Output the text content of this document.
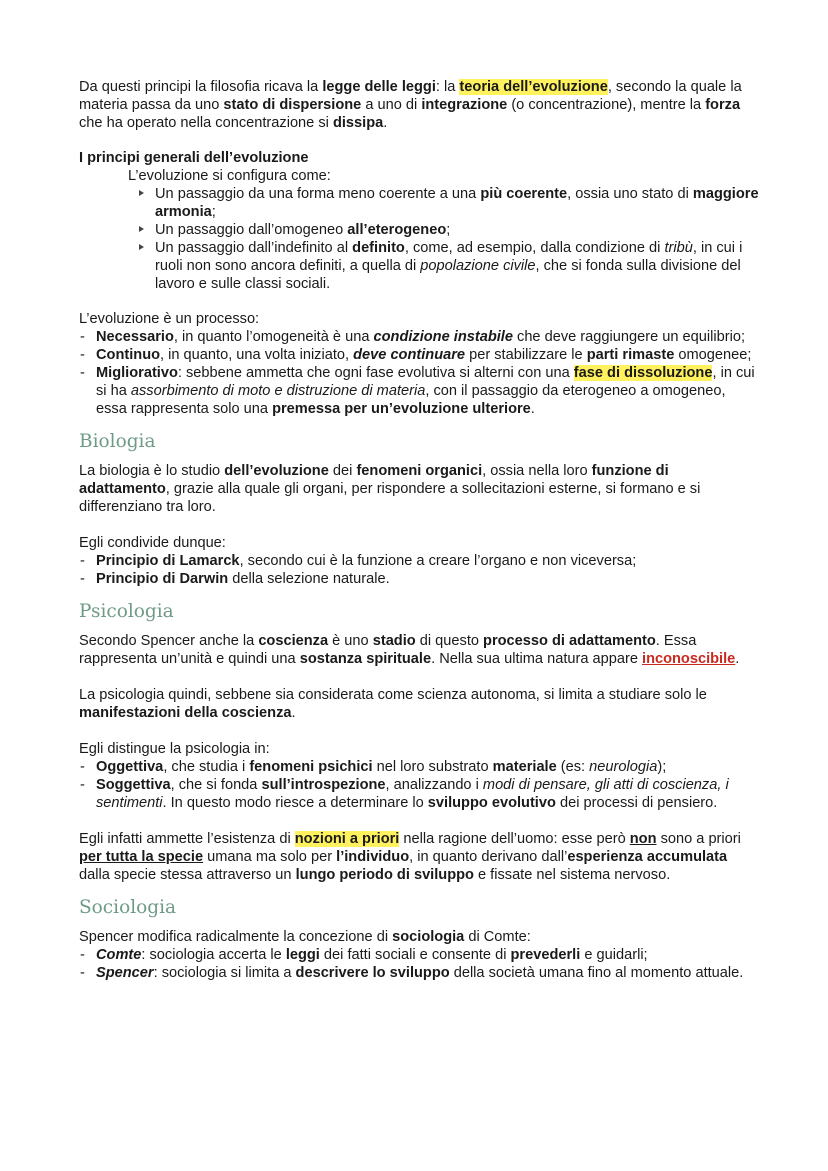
Da questi principi la filosofia ricava la legge delle leggi: la teoria dell’evoluzione, secondo la quale la materia passa da uno stato di dispersione a uno di integrazione (o concentrazione), mentre la forza che ha operato nella concentrazione si dissipa.

I principi generali dell’evoluzione

L’evoluzione si configura come:

Un passaggio da una forma meno coerente a una più coerente, ossia uno stato di maggiore armonia;
Un passaggio dall’omogeneo all’eterogeneo;
Un passaggio dall’indefinito al definito, come, ad esempio, dalla condizione di tribù, in cui i ruoli non sono ancora definiti, a quella di popolazione civile, che si fonda sulla divisione del lavoro e sulle classi sociali.

L’evoluzione è un processo:

- Necessario, in quanto l’omogeneità è una condizione instabile che deve raggiungere un equilibrio;
- Continuo, in quanto, una volta iniziato, deve continuare per stabilizzare le parti rimaste omogenee;
- Migliorativo: sebbene ammetta che ogni fase evolutiva si alterni con una fase di dissoluzione, in cui si ha assorbimento di moto e distruzione di materia, con il passaggio da eterogeneo a omogeneo, essa rappresenta solo una premessa per un’evoluzione ulteriore.
Biologia

La biologia è lo studio dell’evoluzione dei fenomeni organici, ossia nella loro funzione di adattamento, grazie alla quale gli organi, per rispondere a sollecitazioni esterne, si formano e si differenziano tra loro.

Egli condivide dunque:

- Principio di Lamarck, secondo cui è la funzione a creare l’organo e non viceversa;
- Principio di Darwin della selezione naturale.
Psicologia

Secondo Spencer anche la coscienza è uno stadio di questo processo di adattamento. Essa rappresenta un’unità e quindi una sostanza spirituale. Nella sua ultima natura appare inconoscibile.

La psicologia quindi, sebbene sia considerata come scienza autonoma, si limita a studiare solo le manifestazioni della coscienza.

Egli distingue la psicologia in:

- Oggettiva, che studia i fenomeni psichici nel loro substrato materiale (es: neurologia);
- Soggettiva, che si fonda sull’introspezione, analizzando i modi di pensare, gli atti di coscienza, i sentimenti. In questo modo riesce a determinare lo sviluppo evolutivo dei processi di pensiero.

Egli infatti ammette l’esistenza di nozioni a priori nella ragione dell’uomo: esse però non sono a priori per tutta la specie umana ma solo per l’individuo, in quanto derivano dall’esperienza accumulata dalla specie stessa attraverso un lungo periodo di sviluppo e fissate nel sistema nervoso.

Sociologia

Spencer modifica radicalmente la concezione di sociologia di Comte:

- Comte: sociologia accerta le leggi dei fatti sociali e consente di prevederli e guidarli;
- Spencer: sociologia si limita a descrivere lo sviluppo della società umana fino al momento attuale.
